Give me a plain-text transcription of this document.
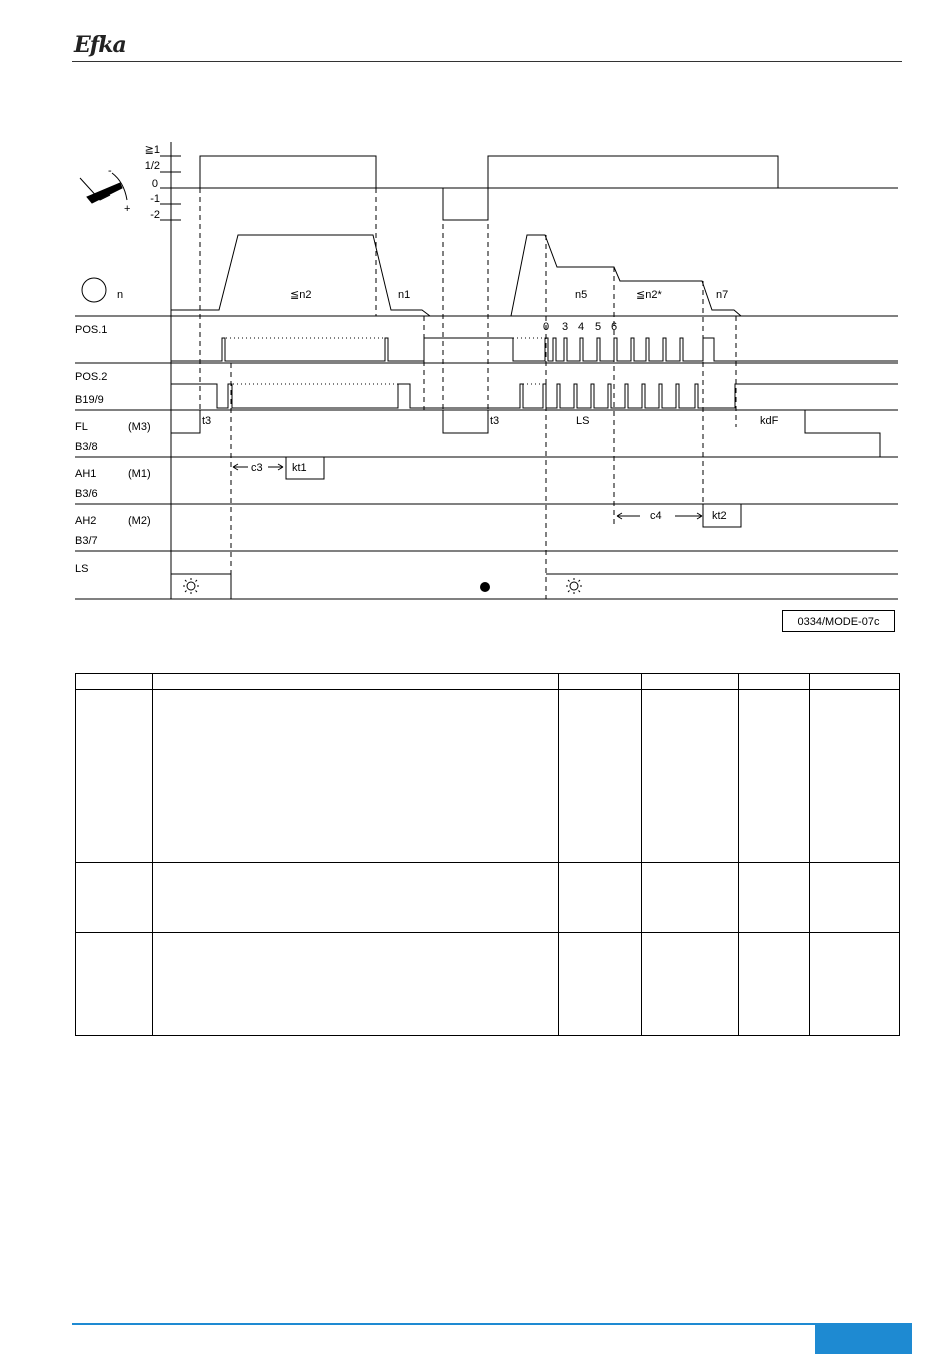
Efka
≧1
1/2
0
-1
-2
n	≦n2	n1	n5	≦n2*	n7
POS.1
POS.2
B19/9
FL	(M3)
B3/8
AH1	(M1)
B3/6
AH2	(M2)
B3/7
LS
0 3 4 5 6
t3	t3	LS	kdF
c3	kt1
c4	kt2
-
+
0334/MODE-07c
